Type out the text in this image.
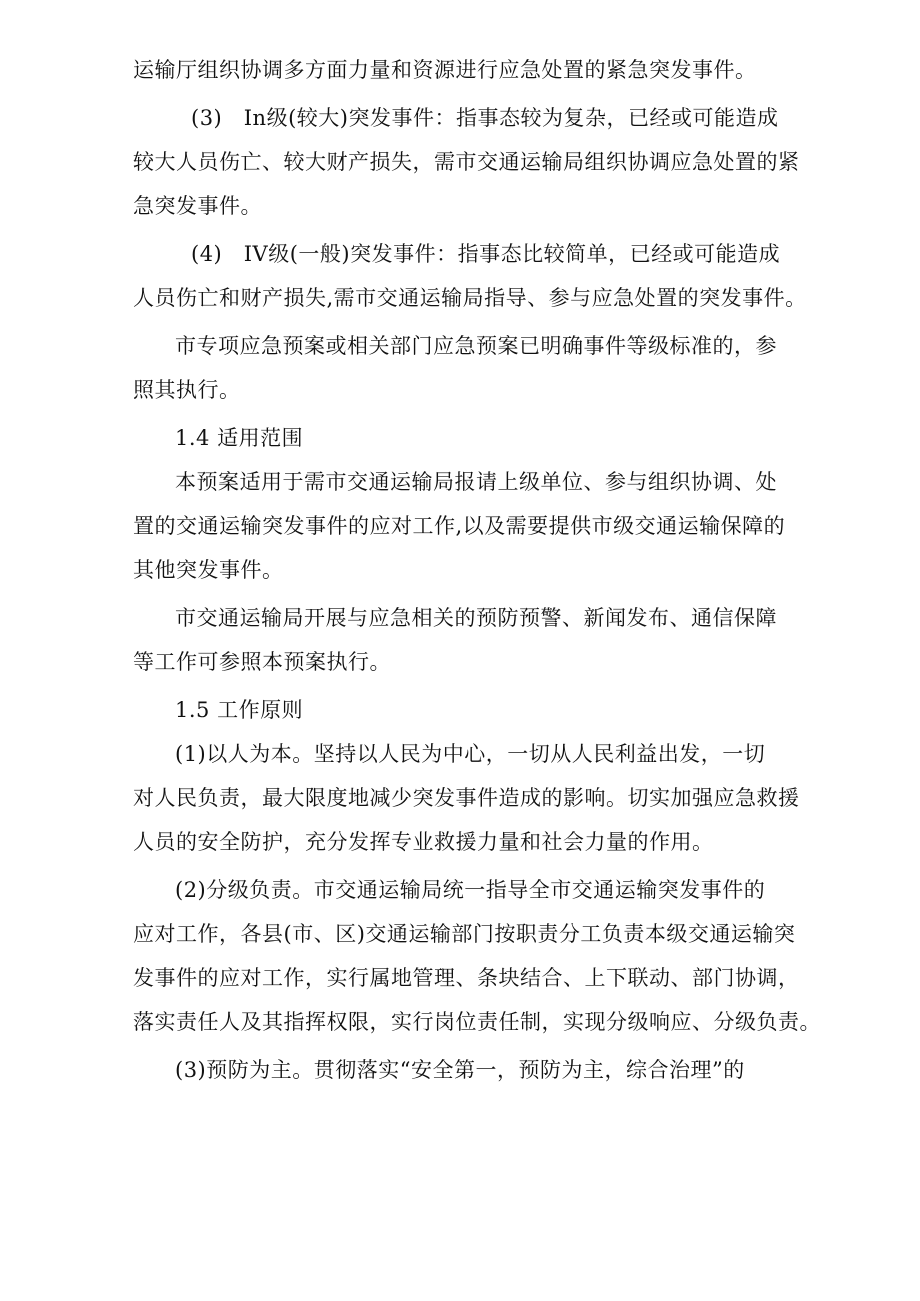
运输厅组织协调多方面力量和资源进行应急处置的紧急突发事件。
(3)　In级(较大)突发事件：指事态较为复杂，已经或可能造成
较大人员伤亡、较大财产损失，需市交通运输局组织协调应急处置的紧
急突发事件。
(4)　IV级(一般)突发事件：指事态比较简单，已经或可能造成
人员伤亡和财产损失,需市交通运输局指导、参与应急处置的突发事件。
市专项应急预案或相关部门应急预案已明确事件等级标准的，参
照其执行。
1.4 适用范围
本预案适用于需市交通运输局报请上级单位、参与组织协调、处
置的交通运输突发事件的应对工作,以及需要提供市级交通运输保障的
其他突发事件。
市交通运输局开展与应急相关的预防预警、新闻发布、通信保障
等工作可参照本预案执行。
1.5 工作原则
(1)以人为本。坚持以人民为中心，一切从人民利益出发，一切
对人民负责，最大限度地减少突发事件造成的影响。切实加强应急救援
人员的安全防护，充分发挥专业救援力量和社会力量的作用。
(2)分级负责。市交通运输局统一指导全市交通运输突发事件的
应对工作，各县(市、区)交通运输部门按职责分工负责本级交通运输突
发事件的应对工作，实行属地管理、条块结合、上下联动、部门协调，
落实责任人及其指挥权限，实行岗位责任制，实现分级响应、分级负责。
(3)预防为主。贯彻落实“安全第一，预防为主，综合治理”的
